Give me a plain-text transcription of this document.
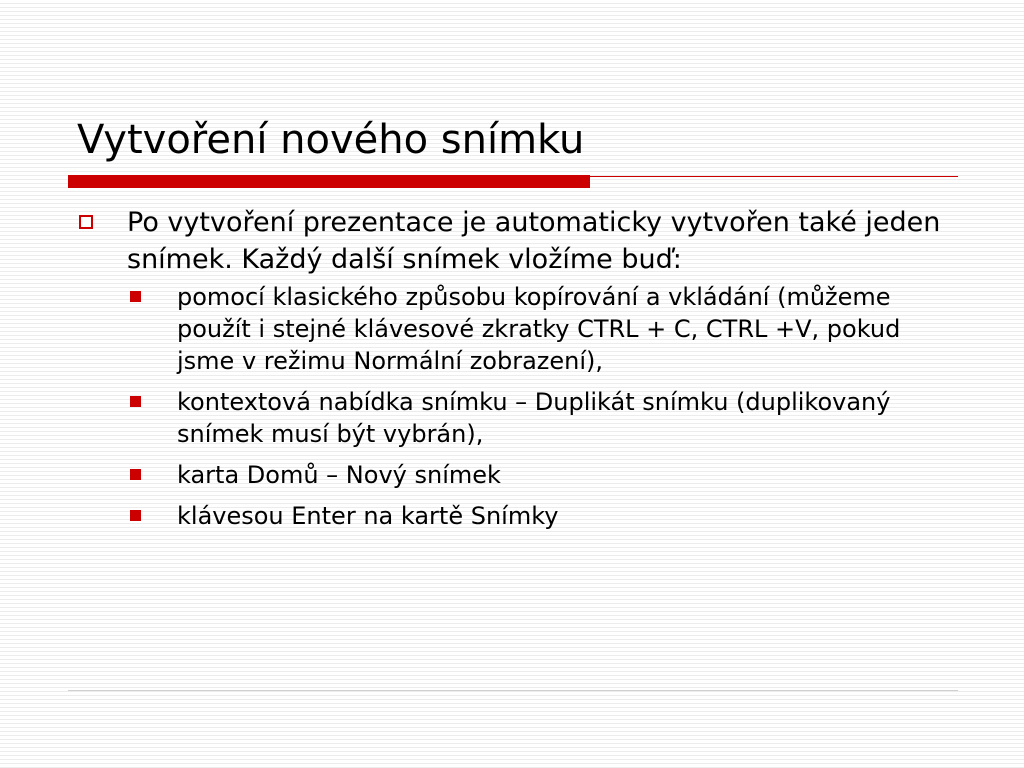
Vytvoření nového snímku

Po vytvoření prezentace je automaticky vytvořen také jeden snímek. Každý další snímek vložíme buď:

pomocí klasického způsobu kopírování a vkládání (můžeme použít i stejné klávesové zkratky CTRL + C, CTRL +V, pokud jsme v režimu Normální zobrazení),
kontextová nabídka snímku – Duplikát snímku (duplikovaný snímek musí být vybrán),
karta Domů – Nový snímek
klávesou Enter na kartě Snímky
